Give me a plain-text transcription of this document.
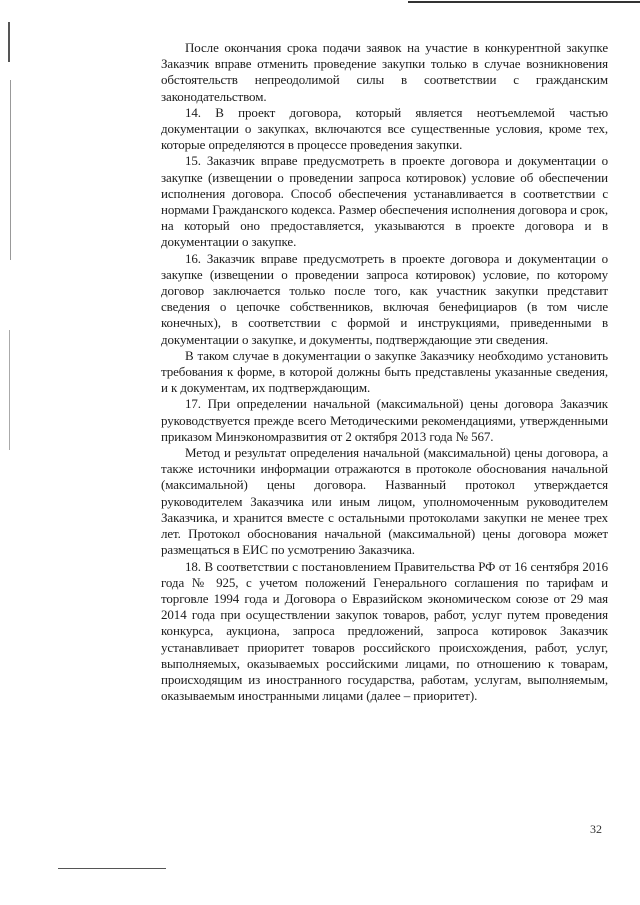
После окончания срока подачи заявок на участие в конкурентной закупке Заказчик вправе отменить проведение закупки только в случае возникновения обстоятельств непреодолимой силы в соответствии с гражданским законодательством.

14. В проект договора, который является неотъемлемой частью документации о закупках, включаются все существенные условия, кроме тех, которые определяются в процессе проведения закупки.

15. Заказчик вправе предусмотреть в проекте договора и документации о закупке (извещении о проведении запроса котировок) условие об обеспечении исполнения договора. Способ обеспечения устанавливается в соответствии с нормами Гражданского кодекса. Размер обеспечения исполнения договора и срок, на который оно предоставляется, указываются в проекте договора и в документации о закупке.

16. Заказчик вправе предусмотреть в проекте договора и документации о закупке (извещении о проведении запроса котировок) условие, по которому договор заключается только после того, как участник закупки представит сведения о цепочке собственников, включая бенефициаров (в том числе конечных), в соответствии с формой и инструкциями, приведенными в документации о закупке, и документы, подтверждающие эти сведения.

В таком случае в документации о закупке Заказчику необходимо установить требования к форме, в которой должны быть представлены указанные сведения, и к документам, их подтверждающим.

17. При определении начальной (максимальной) цены договора Заказчик руководствуется прежде всего Методическими рекомендациями, утвержденными приказом Минэкономразвития от 2 октября 2013 года № 567.

Метод и результат определения начальной (максимальной) цены договора, а также источники информации отражаются в протоколе обоснования начальной (максимальной) цены договора. Названный протокол утверждается руководителем Заказчика или иным лицом, уполномоченным руководителем Заказчика, и хранится вместе с остальными протоколами закупки не менее трех лет. Протокол обоснования начальной (максимальной) цены договора может размещаться в ЕИС по усмотрению Заказчика.

18. В соответствии с постановлением Правительства РФ от 16 сентября 2016 года № 925, с учетом положений Генерального соглашения по тарифам и торговле 1994 года и Договора о Евразийском экономическом союзе от 29 мая 2014 года при осуществлении закупок товаров, работ, услуг путем проведения конкурса, аукциона, запроса предложений, запроса котировок Заказчик устанавливает приоритет товаров российского происхождения, работ, услуг, выполняемых, оказываемых российскими лицами, по отношению к товарам, происходящим из иностранного государства, работам, услугам, выполняемым, оказываемым иностранными лицами (далее – приоритет).

32
